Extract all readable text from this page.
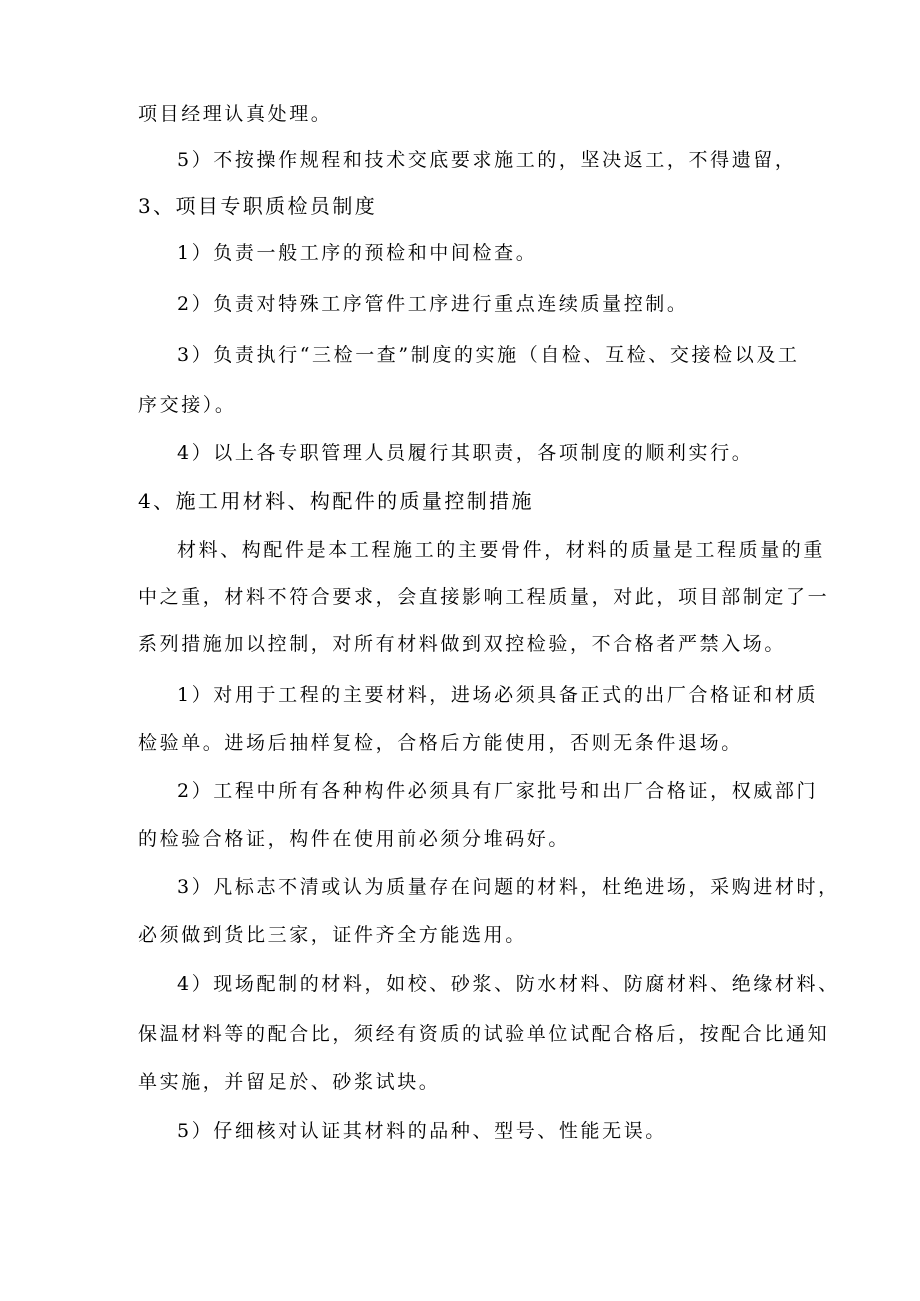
项目经理认真处理。

5）不按操作规程和技术交底要求施工的，坚决返工，不得遗留，

3、项目专职质检员制度

1）负责一般工序的预检和中间检查。

2）负责对特殊工序管件工序进行重点连续质量控制。

3）负责执行“三检一查”制度的实施（自检、互检、交接检以及工

序交接）。

4）以上各专职管理人员履行其职责，各项制度的顺利实行。

4、施工用材料、构配件的质量控制措施

材料、构配件是本工程施工的主要骨件，材料的质量是工程质量的重

中之重，材料不符合要求，会直接影响工程质量，对此，项目部制定了一

系列措施加以控制，对所有材料做到双控检验，不合格者严禁入场。

1）对用于工程的主要材料，进场必须具备正式的出厂合格证和材质

检验单。进场后抽样复检，合格后方能使用，否则无条件退场。

2）工程中所有各种构件必须具有厂家批号和出厂合格证，权威部门

的检验合格证，构件在使用前必须分堆码好。

3）凡标志不清或认为质量存在问题的材料，杜绝进场，采购进材时，

必须做到货比三家，证件齐全方能选用。

4）现场配制的材料，如校、砂浆、防水材料、防腐材料、绝缘材料、

保温材料等的配合比，须经有资质的试验单位试配合格后，按配合比通知

单实施，并留足於、砂浆试块。

5）仔细核对认证其材料的品种、型号、性能无误。
